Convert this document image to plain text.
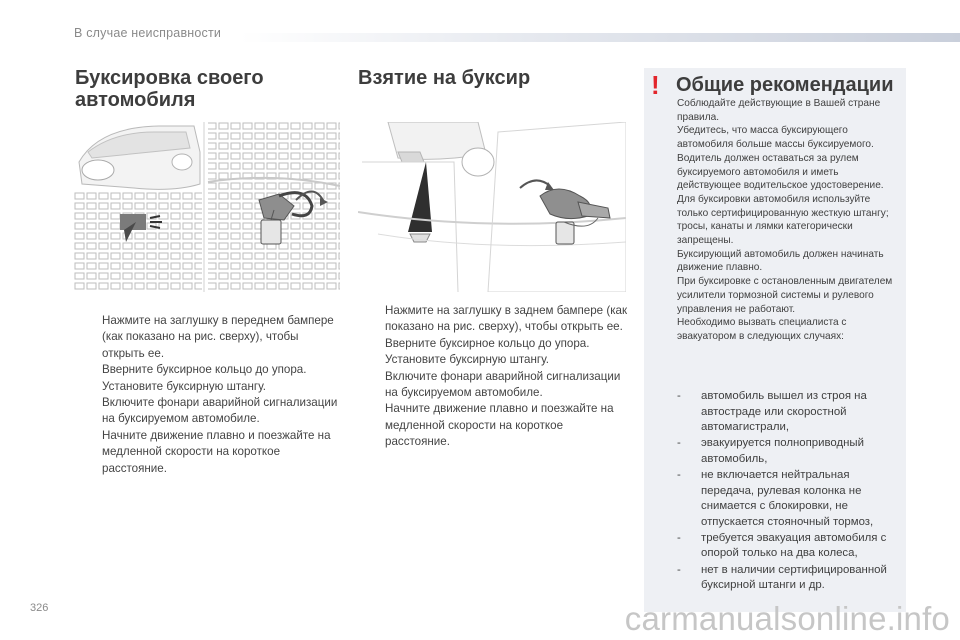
В случае неисправности
Буксировка своего автомобиля
Взятие на буксир
Нажмите на заглушку в переднем бампере (как показано на рис. сверху), чтобы открыть ее.
Вверните буксирное кольцо до упора.
Установите буксирную штангу.
Включите фонари аварийной сигнализации на буксируемом автомобиле.
Начните движение плавно и поезжайте на медленной скорости на короткое расстояние.
Нажмите на заглушку в заднем бампере (как показано на рис. сверху), чтобы открыть ее.
Вверните буксирное кольцо до упора.
Установите буксирную штангу.
Включите фонари аварийной сигнализации на буксируемом автомобиле.
Начните движение плавно и поезжайте на медленной скорости на короткое расстояние.
! Общие рекомендации

Соблюдайте действующие в Вашей стране правила.
Убедитесь, что масса буксирующего автомобиля больше массы буксируемого.
Водитель должен оставаться за рулем буксируемого автомобиля и иметь действующее водительское удостоверение.
Для буксировки автомобиля используйте только сертифицированную жесткую штангу; тросы, канаты и лямки категорически запрещены.
Буксирующий автомобиль должен начинать движение плавно.
При буксировке с остановленным двигателем усилители тормозной системы и рулевого управления не работают.
Необходимо вызвать специалиста с эвакуатором в следующих случаях:

- автомобиль вышел из строя на автостраде или скоростной автомагистрали,
- эвакуируется полноприводный автомобиль,
- не включается нейтральная передача, рулевая колонка не снимается с блокировки, не отпускается стояночный тормоз,
- требуется эвакуация автомобиля с опорой только на два колеса,
- нет в наличии сертифицированной буксирной штанги и др.
326	carmanualsonline.info
